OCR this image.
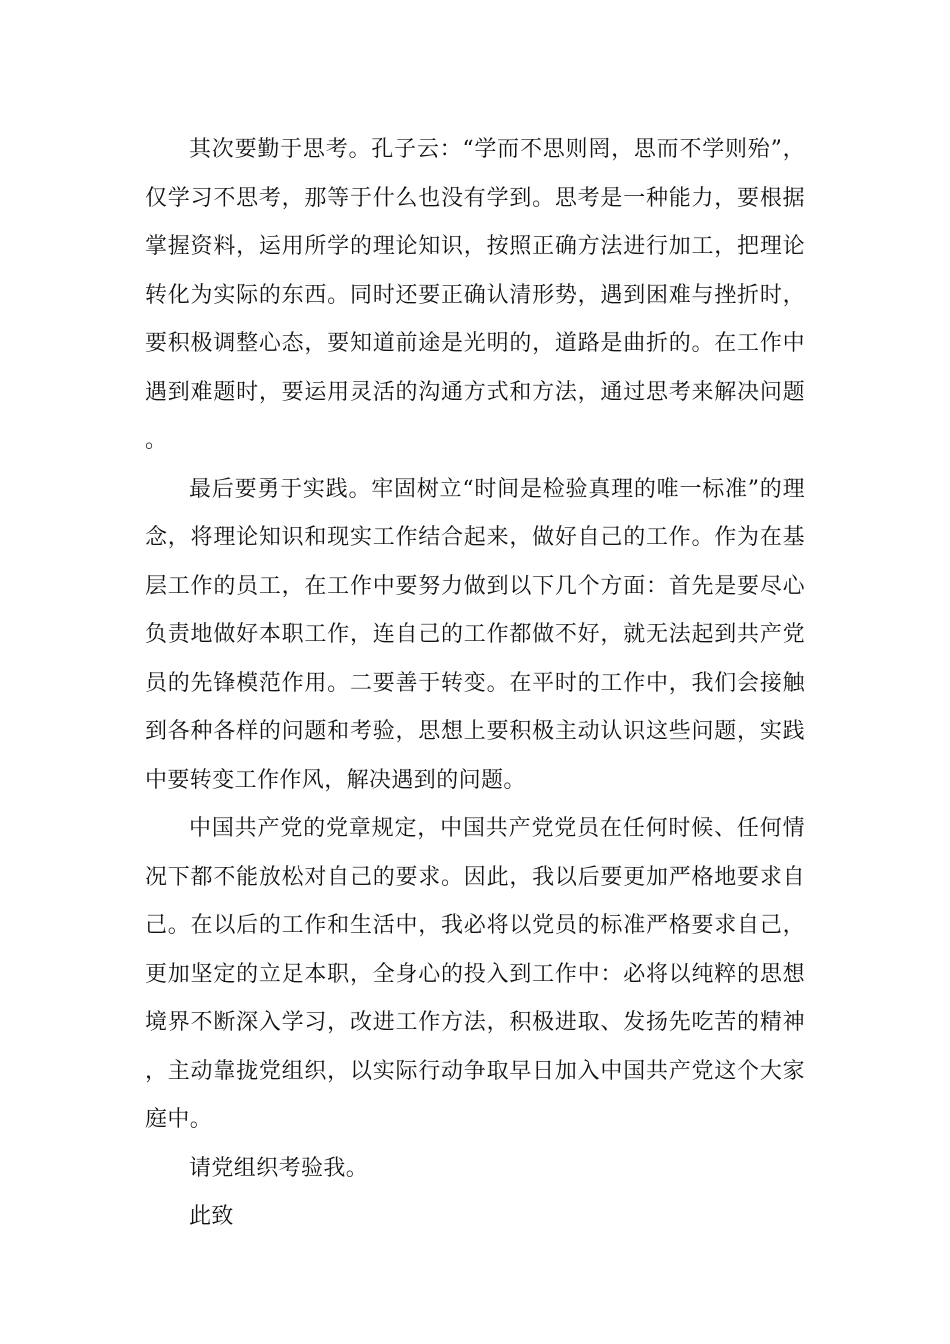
其次要勤于思考。孔子云：“学而不思则罔，思而不学则殆”，仅学习不思考，那等于什么也没有学到。思考是一种能力，要根据掌握资料，运用所学的理论知识，按照正确方法进行加工，把理论转化为实际的东西。同时还要正确认清形势，遇到困难与挫折时，要积极调整心态，要知道前途是光明的，道路是曲折的。在工作中遇到难题时，要运用灵活的沟通方式和方法，通过思考来解决问题。

最后要勇于实践。牢固树立“时间是检验真理的唯一标准”的理念，将理论知识和现实工作结合起来，做好自己的工作。作为在基层工作的员工，在工作中要努力做到以下几个方面：首先是要尽心负责地做好本职工作，连自己的工作都做不好，就无法起到共产党员的先锋模范作用。二要善于转变。在平时的工作中，我们会接触到各种各样的问题和考验，思想上要积极主动认识这些问题，实践中要转变工作作风，解决遇到的问题。

中国共产党的党章规定，中国共产党党员在任何时候、任何情况下都不能放松对自己的要求。因此，我以后要更加严格地要求自己。在以后的工作和生活中，我必将以党员的标准严格要求自己，更加坚定的立足本职，全身心的投入到工作中：必将以纯粹的思想境界不断深入学习，改进工作方法，积极进取、发扬先吃苦的精神，主动靠拢党组织，以实际行动争取早日加入中国共产党这个大家庭中。

请党组织考验我。

此致
